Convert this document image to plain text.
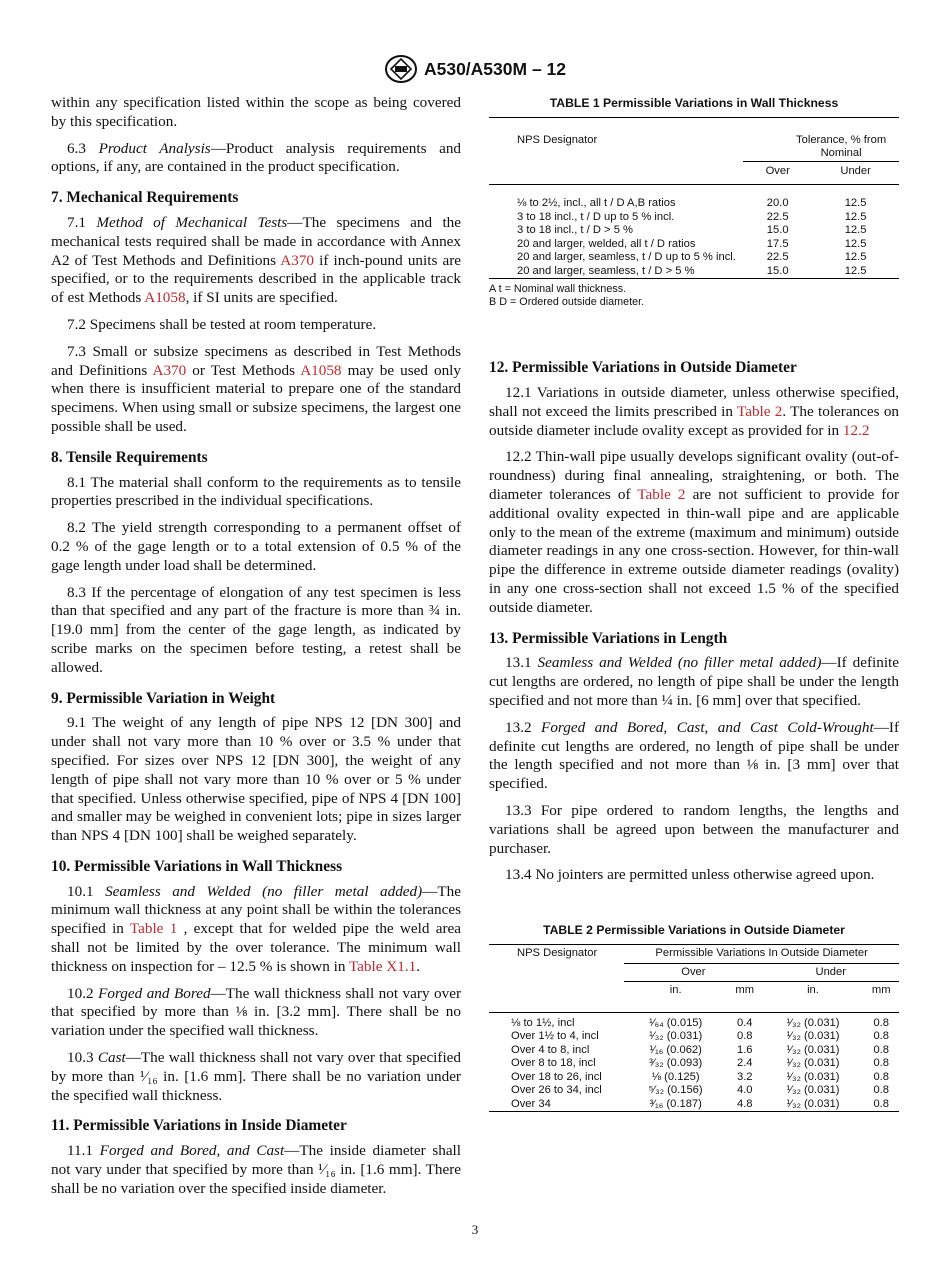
A530/A530M – 12

within any specification listed within the scope as being covered by this specification.

6.3 Product Analysis—Product analysis requirements and options, if any, are contained in the product specification.

7. Mechanical Requirements

7.1 Method of Mechanical Tests—The specimens and the mechanical tests required shall be made in accordance with Annex A2 of Test Methods and Definitions A370 if inch-pound units are specified, or to the requirements described in the applicable track of est Methods A1058, if SI units are specified.

7.2 Specimens shall be tested at room temperature.

7.3 Small or subsize specimens as described in Test Methods and Definitions A370 or Test Methods A1058 may be used only when there is insufficient material to prepare one of the standard specimens. When using small or subsize specimens, the largest one possible shall be used.

8. Tensile Requirements

8.1 The material shall conform to the requirements as to tensile properties prescribed in the individual specifications.

8.2 The yield strength corresponding to a permanent offset of 0.2 % of the gage length or to a total extension of 0.5 % of the gage length under load shall be determined.

8.3 If the percentage of elongation of any test specimen is less than that specified and any part of the fracture is more than ¾ in. [19.0 mm] from the center of the gage length, as indicated by scribe marks on the specimen before testing, a retest shall be allowed.

9. Permissible Variation in Weight

9.1 The weight of any length of pipe NPS 12 [DN 300] and under shall not vary more than 10 % over or 3.5 % under that specified. For sizes over NPS 12 [DN 300], the weight of any length of pipe shall not vary more than 10 % over or 5 % under that specified. Unless otherwise specified, pipe of NPS 4 [DN 100] and smaller may be weighed in convenient lots; pipe in sizes larger than NPS 4 [DN 100] shall be weighed separately.

10. Permissible Variations in Wall Thickness

10.1 Seamless and Welded (no filler metal added)—The minimum wall thickness at any point shall be within the tolerances specified in Table 1 , except that for welded pipe the weld area shall not be limited by the over tolerance. The minimum wall thickness on inspection for – 12.5 % is shown in Table X1.1.

10.2 Forged and Bored—The wall thickness shall not vary over that specified by more than ⅛ in. [3.2 mm]. There shall be no variation under the specified wall thickness.

10.3 Cast—The wall thickness shall not vary over that specified by more than ¹⁄₁₆ in. [1.6 mm]. There shall be no variation under the specified wall thickness.

11. Permissible Variations in Inside Diameter

11.1 Forged and Bored, and Cast—The inside diameter shall not vary under that specified by more than ¹⁄₁₆ in. [1.6 mm]. There shall be no variation over the specified inside diameter.

TABLE 1 Permissible Variations in Wall Thickness
NPS Designator	Tolerance, % from Nominal	
	Over	Under

⅛ to 2½, incl., all t / D A,B ratios	20.0	12.5
3 to 18 incl., t / D up to 5 % incl.	22.5	12.5
3 to 18 incl., t / D > 5 %	15.0	12.5
20 and larger, welded, all t / D ratios	17.5	12.5
20 and larger, seamless, t / D up to 5 % incl.	22.5	12.5
20 and larger, seamless, t / D > 5 %	15.0	12.5
A t = Nominal wall thickness.
B D = Ordered outside diameter.
12. Permissible Variations in Outside Diameter

12.1 Variations in outside diameter, unless otherwise specified, shall not exceed the limits prescribed in Table 2. The tolerances on outside diameter include ovality except as provided for in 12.2

12.2 Thin-wall pipe usually develops significant ovality (out-of-roundness) during final annealing, straightening, or both. The diameter tolerances of Table 2 are not sufficient to provide for additional ovality expected in thin-wall pipe and are applicable only to the mean of the extreme (maximum and minimum) outside diameter readings in any one cross-section. However, for thin-wall pipe the difference in extreme outside diameter readings (ovality) in any one cross-section shall not exceed 1.5 % of the specified outside diameter.

13. Permissible Variations in Length

13.1 Seamless and Welded (no filler metal added)—If definite cut lengths are ordered, no length of pipe shall be under the length specified and not more than ¼ in. [6 mm] over that specified.

13.2 Forged and Bored, Cast, and Cast Cold-Wrought—If definite cut lengths are ordered, no length of pipe shall be under the length specified and not more than ⅛ in. [3 mm] over that specified.

13.3 For pipe ordered to random lengths, the lengths and variations shall be agreed upon between the manufacturer and purchaser.

13.4 No jointers are permitted unless otherwise agreed upon.

TABLE 2 Permissible Variations in Outside Diameter
NPS Designator	Permissible Variations In Outside Diameter			
	Over		Under	
	in.	mm	in.	mm

⅛ to 1½, incl	¹⁄₆₄ (0.015)	0.4	¹⁄₃₂ (0.031)	0.8
Over 1½ to 4, incl	¹⁄₃₂ (0.031)	0.8	¹⁄₃₂ (0.031)	0.8
Over 4 to 8, incl	¹⁄₁₆ (0.062)	1.6	¹⁄₃₂ (0.031)	0.8
Over 8 to 18, incl	³⁄₃₂ (0.093)	2.4	¹⁄₃₂ (0.031)	0.8
Over 18 to 26, incl	⅛ (0.125)	3.2	¹⁄₃₂ (0.031)	0.8
Over 26 to 34, incl	⁵⁄₃₂ (0.156)	4.0	¹⁄₃₂ (0.031)	0.8
Over 34	³⁄₁₆ (0.187)	4.8	¹⁄₃₂ (0.031)	0.8
3
